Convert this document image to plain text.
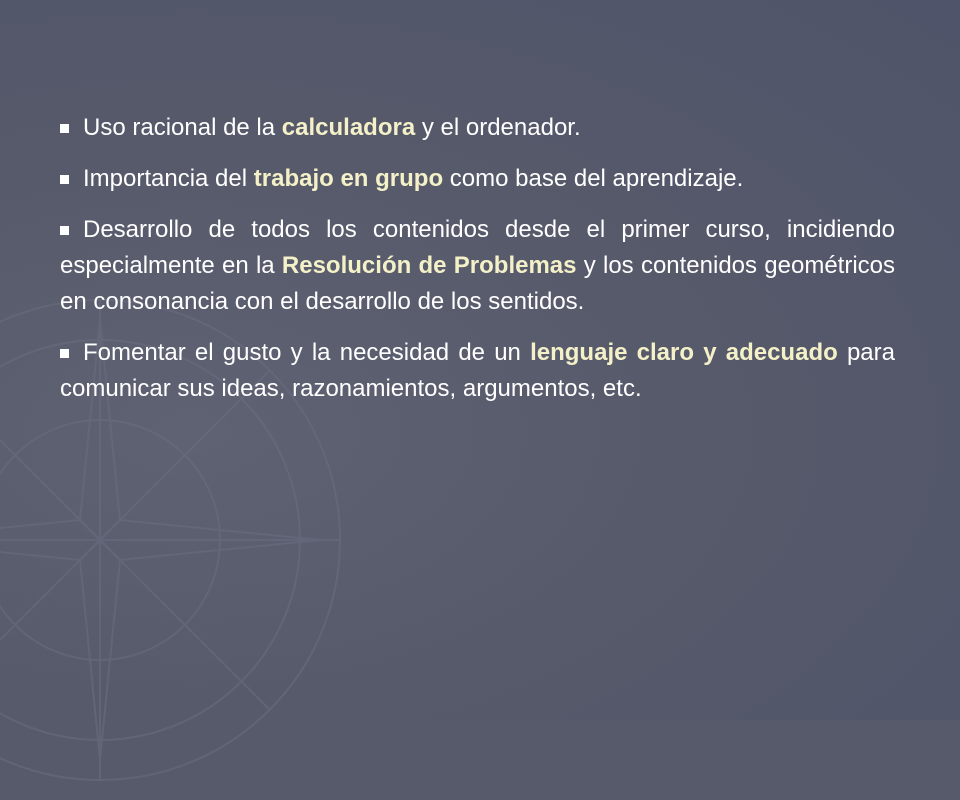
Uso racional de la calculadora y el ordenador.
Importancia del trabajo en grupo como base del aprendizaje.
Desarrollo de todos los contenidos desde el primer curso, incidiendo especialmente en la Resolución de Problemas y los contenidos geométricos en consonancia con el desarrollo de los sentidos.
Fomentar el gusto y la necesidad de un lenguaje claro y adecuado para comunicar sus ideas, razonamientos, argumentos, etc.
